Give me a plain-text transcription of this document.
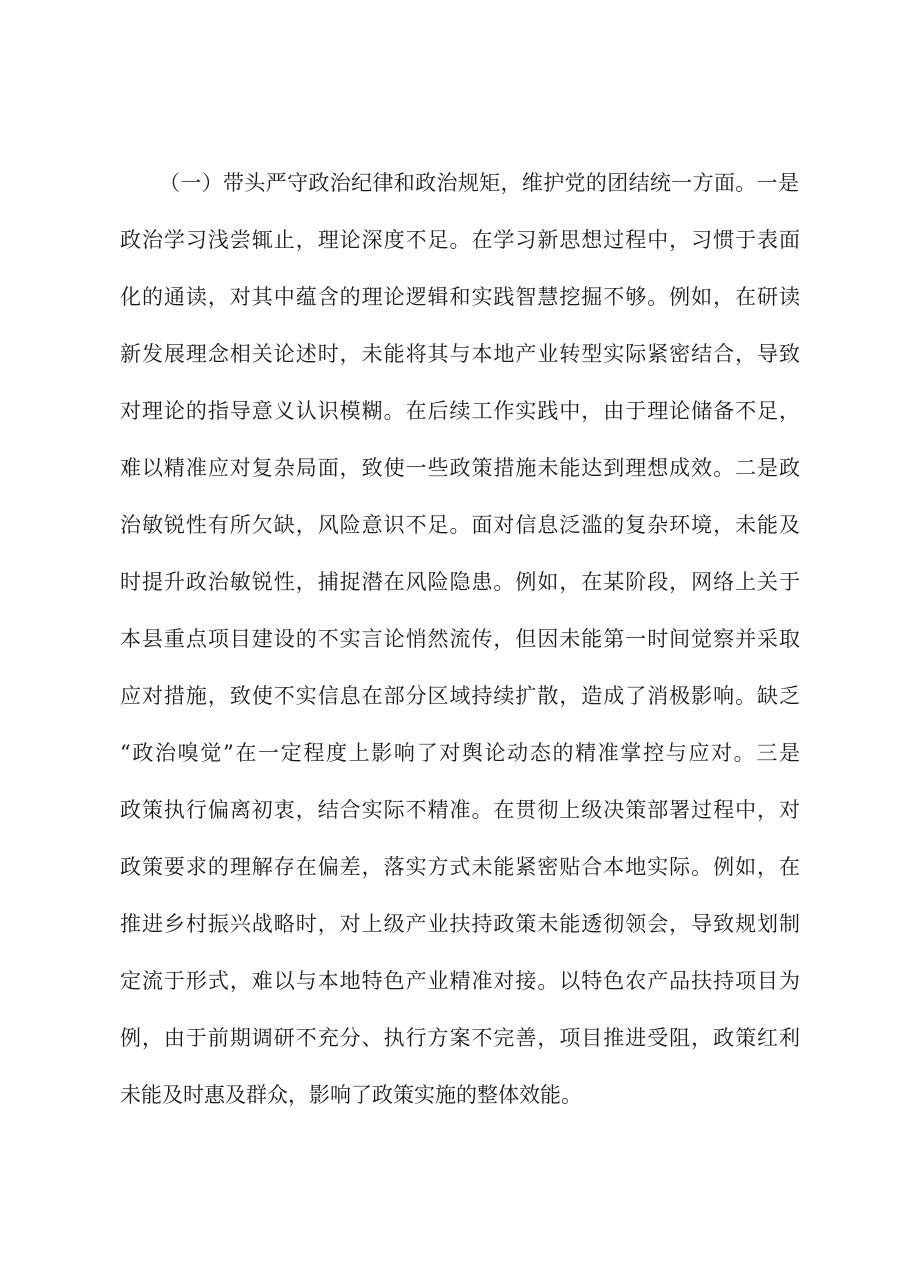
（一）带头严守政治纪律和政治规矩，维护党的团结统一方面。一是
政治学习浅尝辄止，理论深度不足。在学习新思想过程中，习惯于表面
化的通读，对其中蕴含的理论逻辑和实践智慧挖掘不够。例如，在研读
新发展理念相关论述时，未能将其与本地产业转型实际紧密结合，导致
对理论的指导意义认识模糊。在后续工作实践中，由于理论储备不足，
难以精准应对复杂局面，致使一些政策措施未能达到理想成效。二是政
治敏锐性有所欠缺，风险意识不足。面对信息泛滥的复杂环境，未能及
时提升政治敏锐性，捕捉潜在风险隐患。例如，在某阶段，网络上关于
本县重点项目建设的不实言论悄然流传，但因未能第一时间觉察并采取
应对措施，致使不实信息在部分区域持续扩散，造成了消极影响。缺乏
“政治嗅觉”在一定程度上影响了对舆论动态的精准掌控与应对。三是
政策执行偏离初衷，结合实际不精准。在贯彻上级决策部署过程中，对
政策要求的理解存在偏差，落实方式未能紧密贴合本地实际。例如，在
推进乡村振兴战略时，对上级产业扶持政策未能透彻领会，导致规划制
定流于形式，难以与本地特色产业精准对接。以特色农产品扶持项目为
例，由于前期调研不充分、执行方案不完善，项目推进受阻，政策红利
未能及时惠及群众，影响了政策实施的整体效能。
